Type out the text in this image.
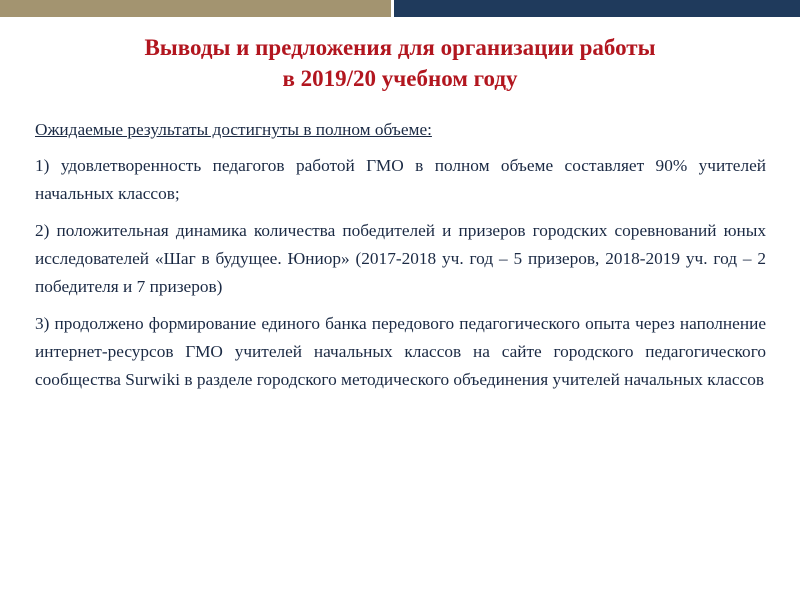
Выводы и предложения для организации работы
в 2019/20 учебном году

Ожидаемые результаты достигнуты в полном объеме:

1) удовлетворенность педагогов работой ГМО в полном объеме составляет 90% учителей начальных классов;

2) положительная динамика количества победителей и призеров городских соревнований юных исследователей «Шаг в будущее. Юниор» (2017-2018 уч. год – 5 призеров, 2018-2019 уч. год – 2 победителя и 7 призеров)

3) продолжено формирование единого банка передового педагогического опыта через наполнение интернет-ресурсов ГМО учителей начальных классов на сайте городского педагогического сообщества Surwiki в разделе городского методического объединения учителей начальных классов
